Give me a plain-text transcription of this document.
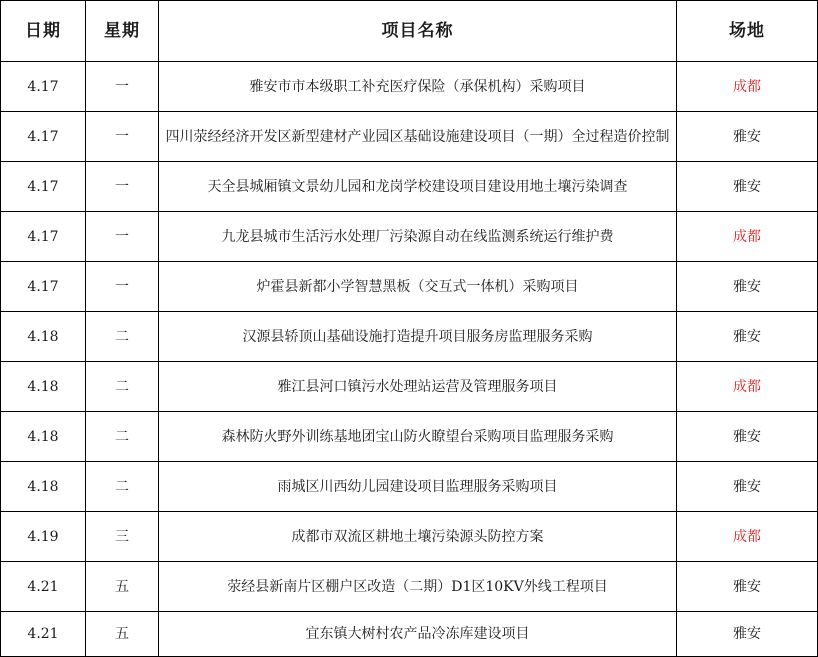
日期	星期	项目名称	场地
4.17	一	雅安市市本级职工补充医疗保险（承保机构）采购项目	成都
4.17	一	四川荥经经济开发区新型建材产业园区基础设施建设项目（一期）全过程造价控制	雅安
4.17	一	天全县城厢镇文景幼儿园和龙岗学校建设项目建设用地土壤污染调查	雅安
4.17	一	九龙县城市生活污水处理厂污染源自动在线监测系统运行维护费	成都
4.17	一	炉霍县新都小学智慧黑板（交互式一体机）采购项目	雅安
4.18	二	汉源县轿顶山基础设施打造提升项目服务房监理服务采购	雅安
4.18	二	雅江县河口镇污水处理站运营及管理服务项目	成都
4.18	二	森林防火野外训练基地团宝山防火瞭望台采购项目监理服务采购	雅安
4.18	二	雨城区川西幼儿园建设项目监理服务采购项目	雅安
4.19	三	成都市双流区耕地土壤污染源头防控方案	成都
4.21	五	荥经县新南片区棚户区改造（二期）D1区10KV外线工程项目	雅安
4.21	五	宜东镇大树村农产品冷冻库建设项目	雅安
